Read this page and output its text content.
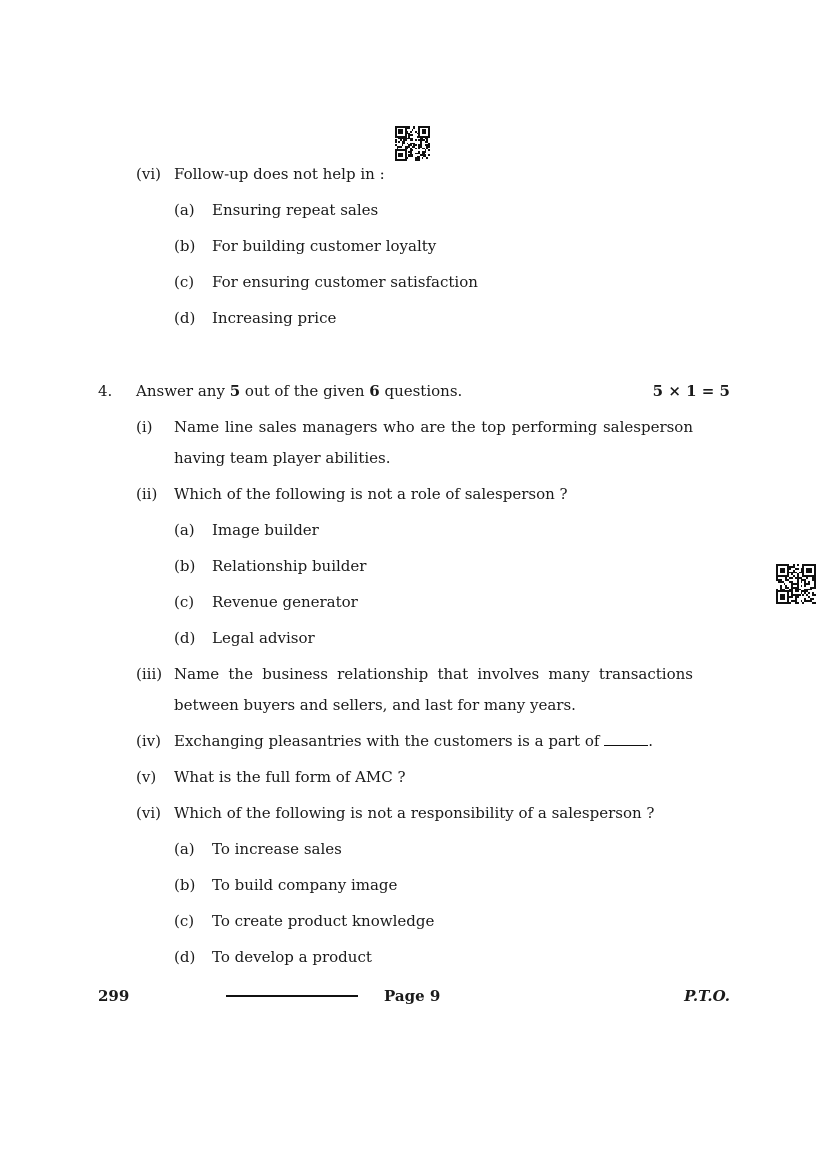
(vi) Follow-up does not help in :
(a) Ensuring repeat sales
(b) For building customer loyalty
(c) For ensuring customer satisfaction
(d) Increasing price
4. Answer any 5 out of the given 6 questions.	5 × 1 = 5
(i) Name line sales managers who are the top performing salesperson
having team player abilities.
(ii) Which of the following is not a role of salesperson ?
(a) Image builder
(b) Relationship builder
(c) Revenue generator
(d) Legal advisor
(iii) Name the business relationship that involves many transactions
between buyers and sellers, and last for many years.
(iv) Exchanging pleasantries with the customers is a part of	.
(v) What is the full form of AMC ?
(vi) Which of the following is not a responsibility of a salesperson ?
(a) To increase sales
(b) To build company image
(c) To create product knowledge
(d) To develop a product
299	Page 9	P.T.O.
